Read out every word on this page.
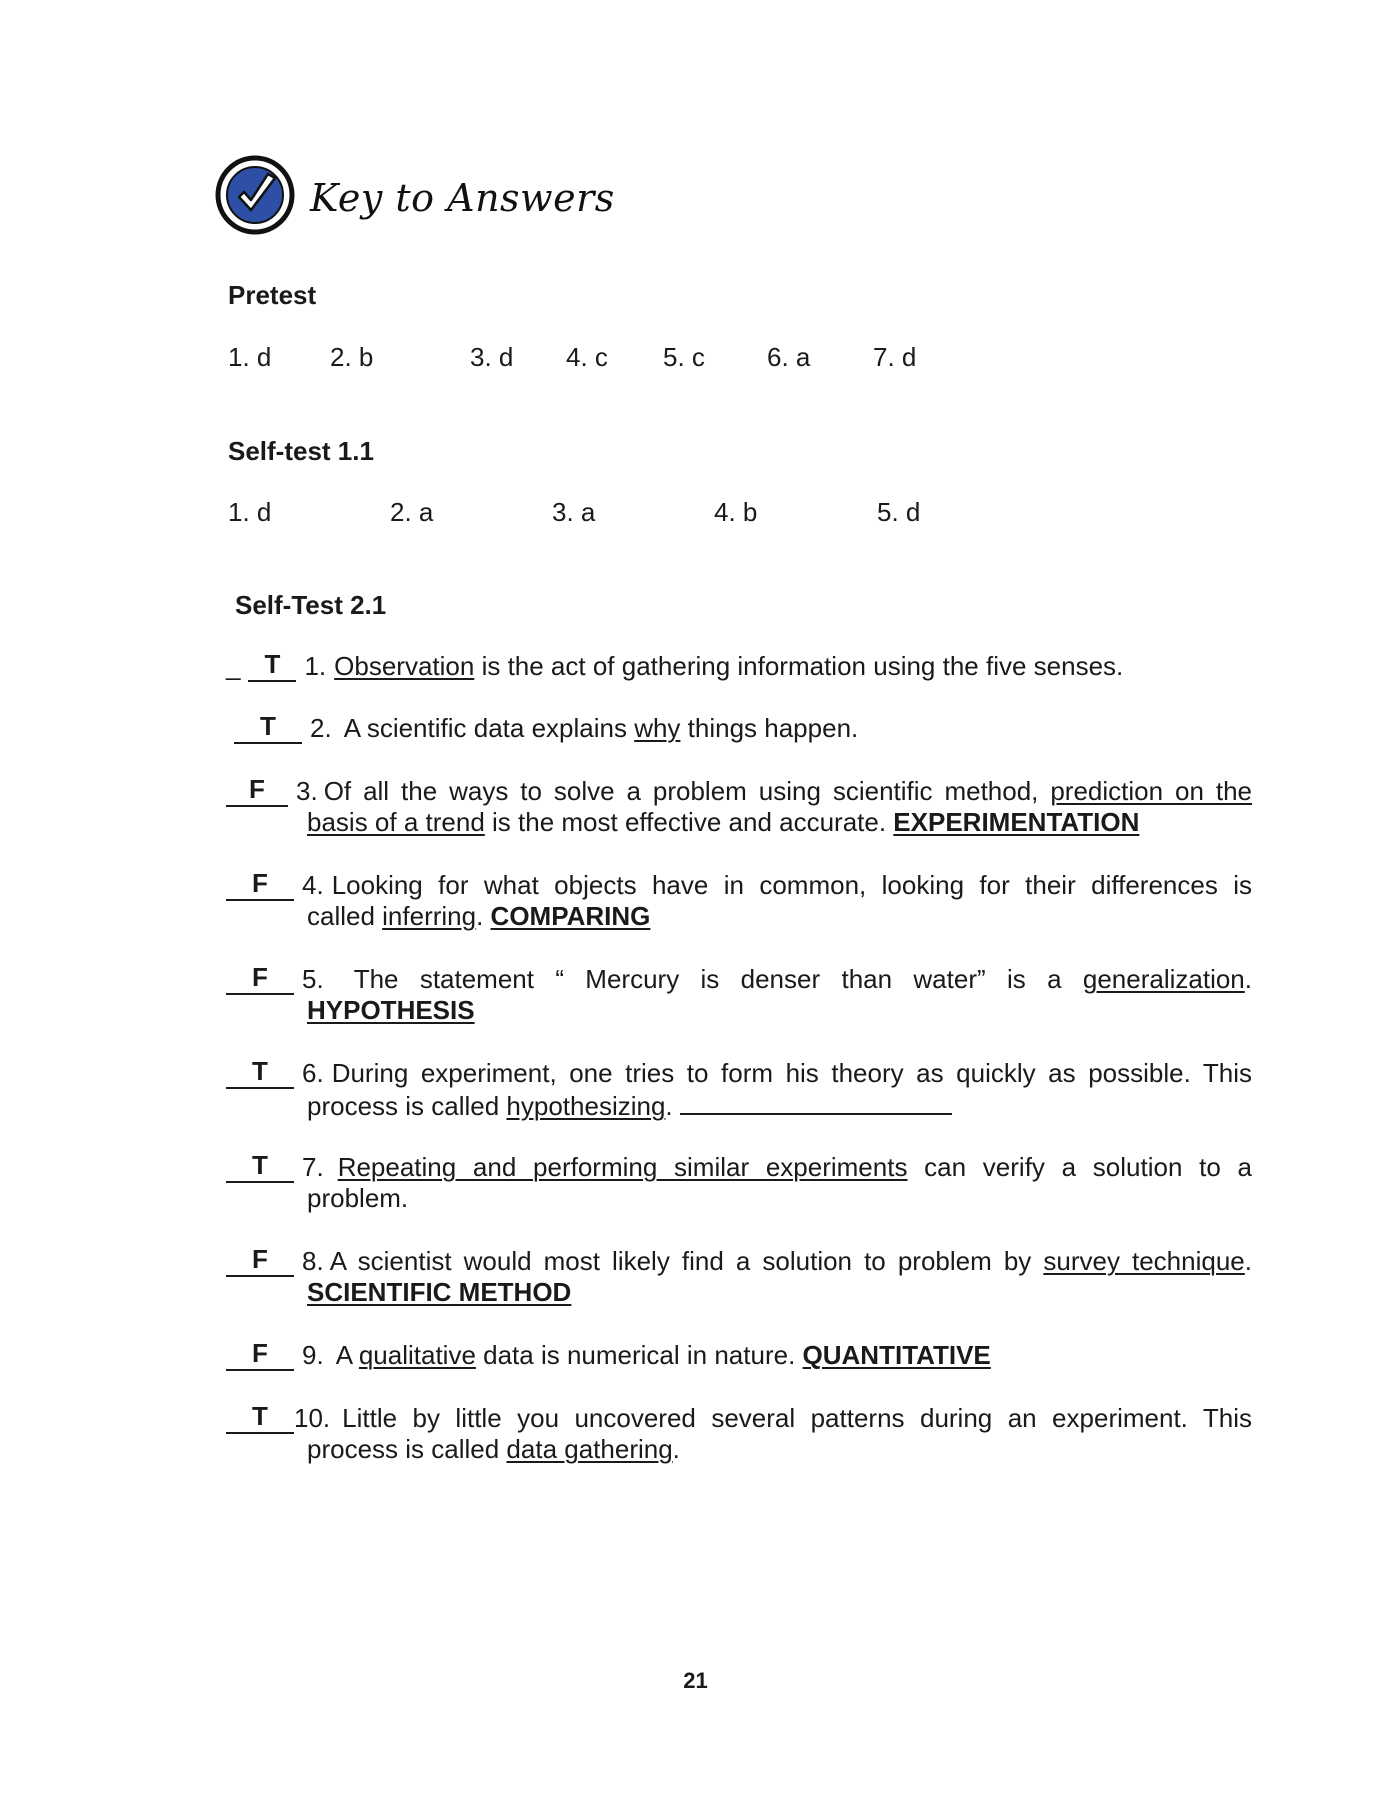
Key to Answers
Pretest
1. d 2. b	3. d 4. c 5. c 6. a 7. d
Self-test 1.1
1. d	2. a	3. a	4. b	5. d
Self-Test 2.1
_ T 1. Observation is the act of gathering information using the five senses.
T	2. A scientific data explains why things happen.
F	3. Of all the ways to solve a problem using scientific method, prediction on the
basis of a trend is the most effective and accurate. EXPERIMENTATION
F	4. Looking for what objects have in common, looking for their differences is
called inferring. COMPARING
F	5. The statement “ Mercury is denser than water” is a generalization.
HYPOTHESIS
T	6. During experiment, one tries to form his theory as quickly as possible. This
process is called hypothesizing.
T	7. Repeating and performing similar experiments can verify a solution to a
problem.
F	8. A scientist would most likely find a solution to problem by survey technique.
SCIENTIFIC METHOD
F	9. A qualitative data is numerical in nature. QUANTITATIVE
T	10. Little by little you uncovered several patterns during an experiment. This
process is called data gathering.
21
